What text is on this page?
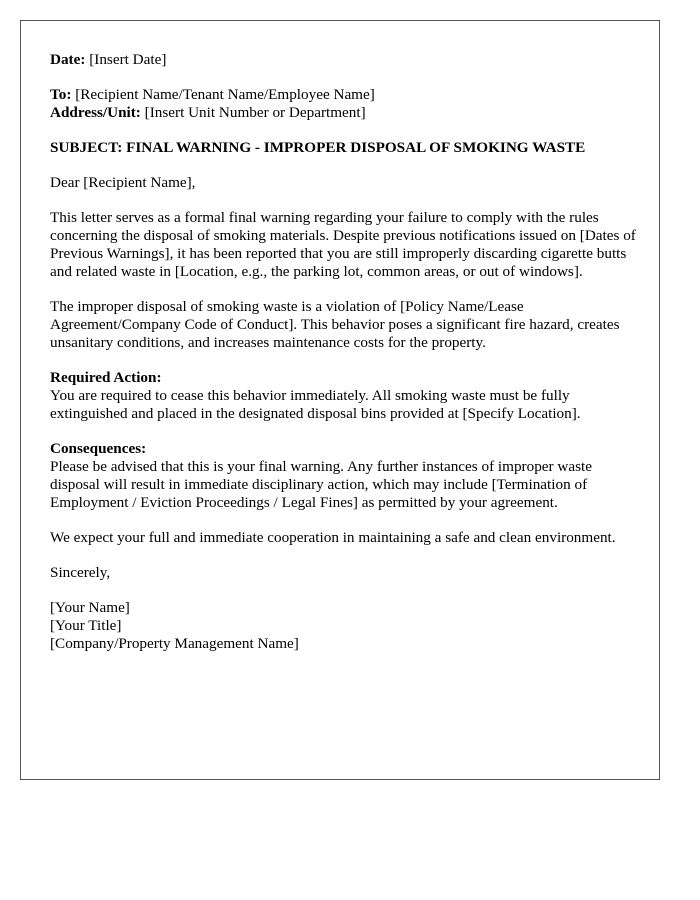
Date: [Insert Date]

To: [Recipient Name/Tenant Name/Employee Name]

Address/Unit: [Insert Unit Number or Department]

SUBJECT: FINAL WARNING - IMPROPER DISPOSAL OF SMOKING WASTE

Dear [Recipient Name],

This letter serves as a formal final warning regarding your failure to comply with the rules concerning the disposal of smoking materials. Despite previous notifications issued on [Dates of Previous Warnings], it has been reported that you are still improperly discarding cigarette butts and related waste in [Location, e.g., the parking lot, common areas, or out of windows].

The improper disposal of smoking waste is a violation of [Policy Name/Lease Agreement/Company Code of Conduct]. This behavior poses a significant fire hazard, creates unsanitary conditions, and increases maintenance costs for the property.

Required Action:

You are required to cease this behavior immediately. All smoking waste must be fully extinguished and placed in the designated disposal bins provided at [Specify Location].

Consequences:

Please be advised that this is your final warning. Any further instances of improper waste disposal will result in immediate disciplinary action, which may include [Termination of Employment / Eviction Proceedings / Legal Fines] as permitted by your agreement.

We expect your full and immediate cooperation in maintaining a safe and clean environment.

Sincerely,

[Your Name]

[Your Title]

[Company/Property Management Name]
